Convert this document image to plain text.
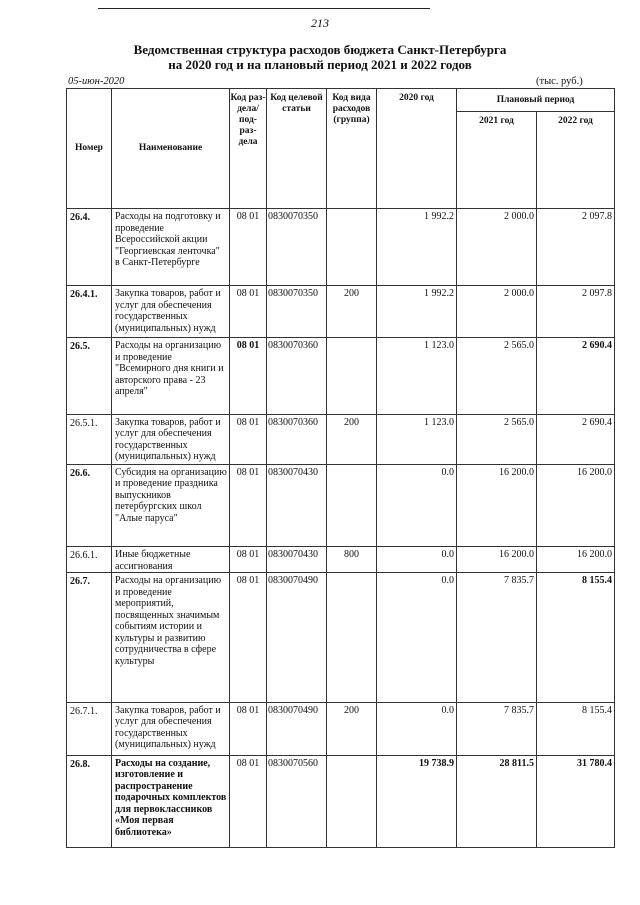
213
Ведомственная структура расходов бюджета Санкт-Петербурга
на 2020 год и на плановый период 2021 и 2022 годов
05-июн-2020	(тыс. руб.)
Номер	Наименование	Код раз- дела/ под- раз- дела	Код целевой статьи	Код вида расходов (группа)	2020 год	Плановый период	

						2021 год	2022 год

26.4.	Расходы на подготовку и проведение Всероссийской акции "Георгиевская ленточка" в Санкт-Петербурге	08 01	0830070350		1 992.2	2 000.0	2 097.8
26.4.1.	Закупка товаров, работ и услуг для обеспечения государственных (муниципальных) нужд	08 01	0830070350	200	1 992.2	2 000.0	2 097.8
26.5.	Расходы на организацию и проведение "Всемирного дня книги и авторского права - 23 апреля"	08 01	0830070360		1 123.0	2 565.0	2 690.4
26.5.1.	Закупка товаров, работ и услуг для обеспечения государственных (муниципальных) нужд	08 01	0830070360	200	1 123.0	2 565.0	2 690.4
26.6.	Субсидия на организацию и проведение праздника выпускников петербургских школ "Алые паруса"	08 01	0830070430		0.0	16 200.0	16 200.0
26.6.1.	Иные бюджетные ассигнования	08 01	0830070430	800	0.0	16 200.0	16 200.0
26.7.	Расходы на организацию и проведение мероприятий, посвященных значимым событиям истории и культуры и развитию сотрудничества в сфере культуры	08 01	0830070490		0.0	7 835.7	8 155.4
26.7.1.	Закупка товаров, работ и услуг для обеспечения государственных (муниципальных) нужд	08 01	0830070490	200	0.0	7 835.7	8 155.4
26.8.	Расходы на создание, изготовление и распространение подарочных комплектов для первоклассников «Моя первая библиотека»	08 01	0830070560		19 738.9	28 811.5	31 780.4
